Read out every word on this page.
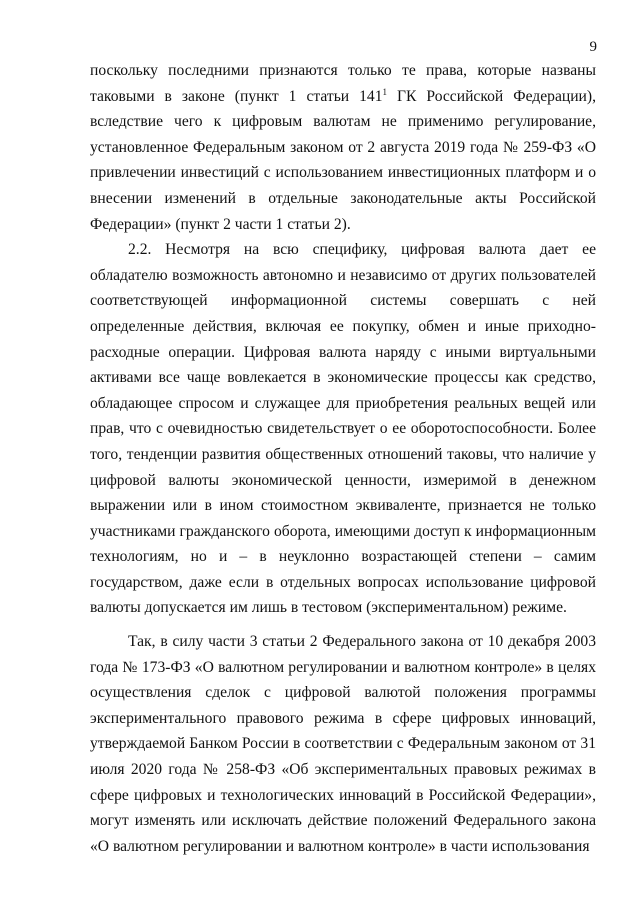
9

поскольку последними признаются только те права, которые названы таковыми в законе (пункт 1 статьи $141^1$ ГК Российской Федерации), вследствие чего к цифровым валютам не применимо регулирование, установленное Федеральным законом от 2 августа 2019 года № 259-ФЗ «О привлечении инвестиций с использованием инвестиционных платформ и о внесении изменений в отдельные законодательные акты Российской Федерации» (пункт 2 части 1 статьи 2).

2.2. Несмотря на всю специфику, цифровая валюта дает ее обладателю возможность автономно и независимо от других пользователей соответствующей информационной системы совершать с ней определенные действия, включая ее покупку, обмен и иные приходно-расходные операции. Цифровая валюта наряду с иными виртуальными активами все чаще вовлекается в экономические процессы как средство, обладающее спросом и служащее для приобретения реальных вещей или прав, что с очевидностью свидетельствует о ее оборотоспособности. Более того, тенденции развития общественных отношений таковы, что наличие у цифровой валюты экономической ценности, измеримой в денежном выражении или в ином стоимостном эквиваленте, признается не только участниками гражданского оборота, имеющими доступ к информационным технологиям, но и – в неуклонно возрастающей степени – самим государством, даже если в отдельных вопросах использование цифровой валюты допускается им лишь в тестовом (экспериментальном) режиме.

Так, в силу части 3 статьи 2 Федерального закона от 10 декабря 2003 года № 173-ФЗ «О валютном регулировании и валютном контроле» в целях осуществления сделок с цифровой валютой положения программы экспериментального правового режима в сфере цифровых инноваций, утверждаемой Банком России в соответствии с Федеральным законом от 31 июля 2020 года № 258-ФЗ «Об экспериментальных правовых режимах в сфере цифровых и технологических инноваций в Российской Федерации», могут изменять или исключать действие положений Федерального закона «О валютном регулировании и валютном контроле» в части использования
